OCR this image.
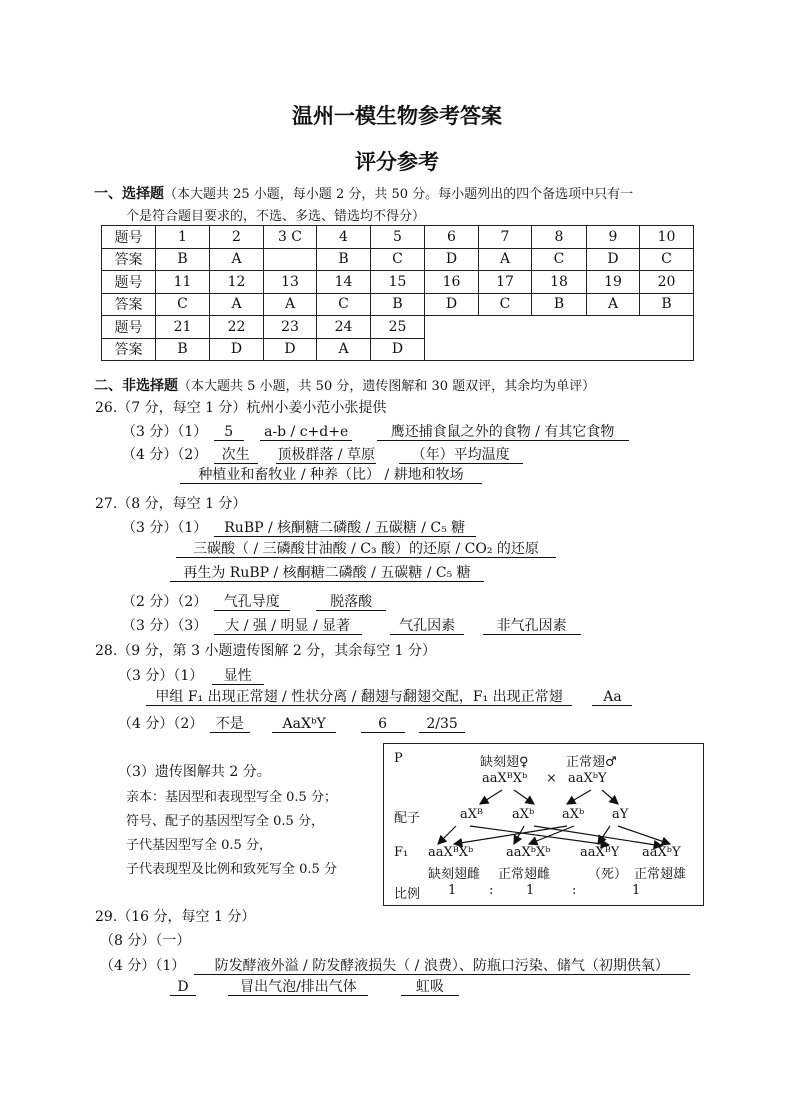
温州一模生物参考答案
评分参考
一、选择题（本大题共 25 小题，每小题 2 分，共 50 分。每小题列出的四个备选项中只有一
个是符合题目要求的，不选、多选、错选均不得分）
题号	1	2	3 C	4	5	6	7	8	9	10
答案	B	A		B	C	D	A	C	D	C
题号	11	12	13	14	15	16	17	18	19	20
答案	C	A	A	C	B	D	C	B	A	B
题号	21	22	23	24	25					
答案	B	D	D	A	D					
二、非选择题（本大题共 5 小题，共 50 分，遗传图解和 30 题双评，其余均为单评）
26.（7 分，每空 1 分）杭州小姜小范小张提供
（3 分）（1） 5 a-b / c+d+e	鹰还捕食鼠之外的食物 / 有其它食物
（4 分）（2） 次生 顶极群落 / 草原	（年）平均温度
种植业和畜牧业 / 种养（比） / 耕地和牧场
27.（8 分，每空 1 分）
（3 分）（1） RuBP / 核酮糖二磷酸 / 五碳糖 / C₅ 糖
三碳酸（ / 三磷酸甘油酸 / C₃ 酸）的还原 / CO₂ 的还原
再生为 RuBP / 核酮糖二磷酸 / 五碳糖 / C₅ 糖
（2 分）（2） 气孔导度	脱落酸
（3 分）（3） 大 / 强 / 明显 / 显著	气孔因素	非气孔因素
28.（9 分，第 3 小题遗传图解 2 分，其余每空 1 分）
（3 分）（1） 显性
甲组 F₁ 出现正常翅 / 性状分离 / 翻翅与翻翅交配，F₁ 出现正常翅	Aa
（4 分）（2） 不是	AaXᵇY	6	2/35
（3）遗传图解共 2 分。
亲本：基因型和表现型写全 0.5 分；
符号、配子的基因型写全 0.5 分，
子代基因型写全 0.5 分，
子代表现型及比例和致死写全 0.5 分
P	缺刻翅♀	正常翅♂
aaXᴮXᵇ × aaXᵇY
配子	aXᴮ aXᵇ aXᵇ aY
F₁ aaXᴮXᵇ	aaXᵇXᵇ aaXᴮY aaXᵇY
缺刻翅雌 正常翅雌	（死） 正常翅雄
比例 1	:	1	:	1
29.（16 分，每空 1 分）
（8 分）（一）
（4 分）（1） 防发酵液外溢 / 防发酵液损失（ / 浪费）、防瓶口污染、储气（初期供氧）
D	冒出气泡/排出气体	虹吸
